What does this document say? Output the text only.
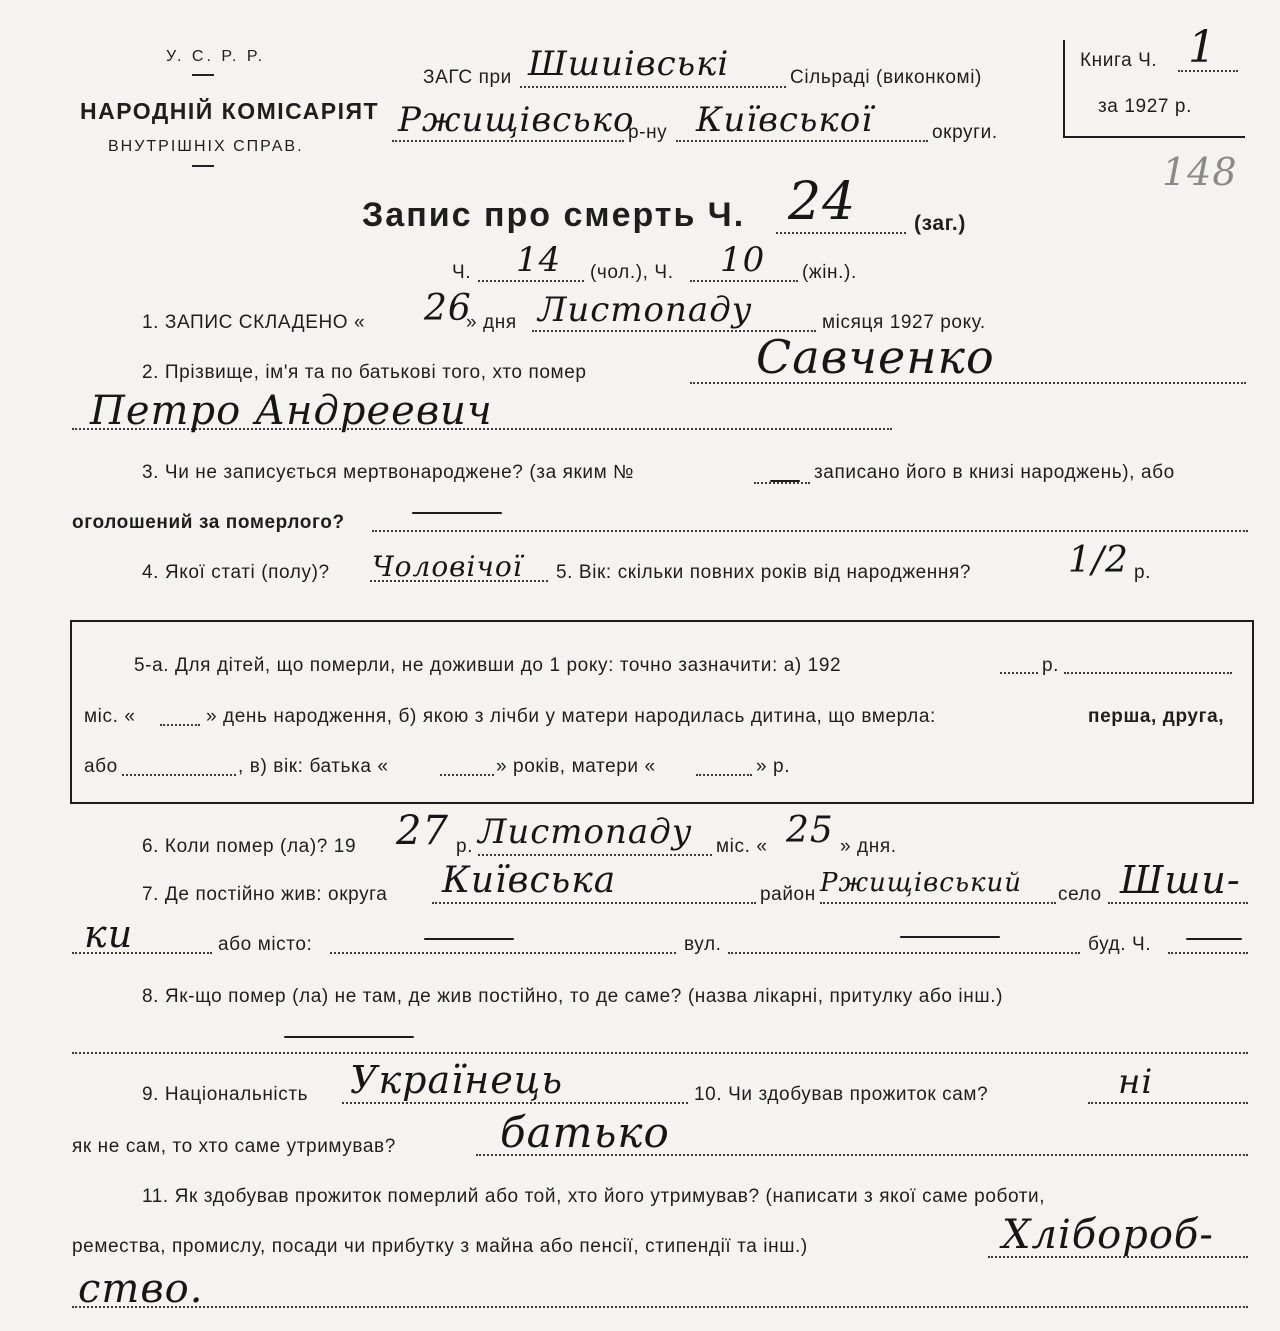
У. С. Р. Р.
НАРОДНІЙ КОМІСАРІЯТ
ВНУТРІШНІХ СПРАВ.
ЗАГС при Шшиівські	Сільраді (виконкомі)
Ржищівсько
р-ну Київської	округи.
Книга Ч. 1
за 1927 р.
148
Запис про смерть Ч. 24	(заг.)
Ч. 14 (чол.), Ч. 10 (жін.).
1. ЗАПИС СКЛАДЕНО « 26
» дня Листопаду	місяця 1927 року.
2. Прізвище, ім'я та по батькові того, хто помер	Савченко
Петро Андреевич
3. Чи не записується мертвонароджене? (за яким №	записано його в книзі народжень), або
оголошений за померлого?
4. Якої статі (полу)? Чоловічої 5. Вік: скільки повних років від народження?	1/2 р.
5-а. Для дітей, що померли, не доживши до 1 року: точно зазначити: а) 192	р.
міс. «	» день народження, б) якою з лічби у матери народилась дитина, що вмерла:	перша, друга,
або	, в) вік: батька «	» років, матери «	» р.
6. Коли помер (ла)? 19 27 р. Листопаду міс. « 25 » дня.
7. Де постійно жив: округа Київська	район Ржищівський село Шши-
ки	або місто:	вул.	буд. Ч.
8. Як-що помер (ла) не там, де жив постійно, то де саме? (назва лікарні, притулку або інш.)
9. Національність Українець	10. Чи здобував прожиток сам?	ні
як не сам, то хто саме утримував? батько
11. Як здобував прожиток померлий або той, хто його утримував? (написати з якої саме роботи,
ремества, промислу, посади чи прибутку з майна або пенсії, стипендії та інш.)	Хлібороб-
ство.
